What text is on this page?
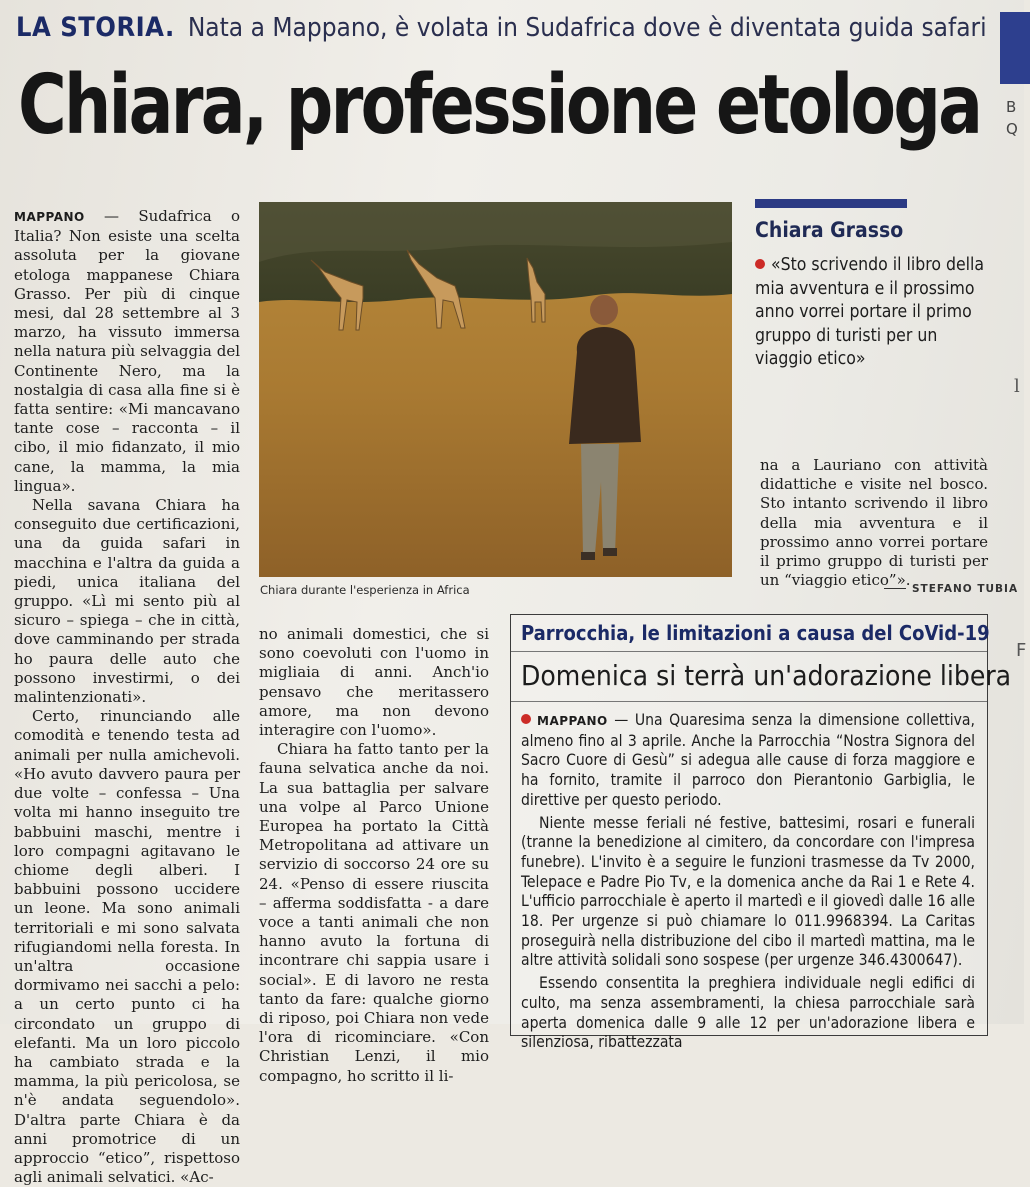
LA STORIA. Nata a Mappano, è volata in Sudafrica dove è diventata guida safari
Chiara, professione etologa B
Q
l
F

MAPPANO — Sudafrica o Italia? Non esiste una scelta assoluta per la giovane etologa mappanese Chiara Grasso. Per più di cinque mesi, dal 28 settembre al 3 marzo, ha vissuto immersa nella natura più selvaggia del Continente Nero, ma la nostalgia di casa alla fine si è fatta sentire: «Mi mancavano tante cose – racconta – il cibo, il mio fidanzato, il mio cane, la mamma, la mia lingua».

Nella savana Chiara ha conseguito due certificazioni, una da guida safari in macchina e l'altra da guida a piedi, unica italiana del gruppo. «Lì mi sento più al sicuro – spiega – che in città, dove camminando per strada ho paura delle auto che possono investirmi, o dei malintenzionati».

Certo, rinunciando alle comodità e tenendo testa ad animali per nulla amichevoli. «Ho avuto davvero paura per due volte – confessa – Una volta mi hanno inseguito tre babbuini maschi, mentre i loro compagni agitavano le chiome degli alberi. I babbuini possono uccidere un leone. Ma sono animali territoriali e mi sono salvata rifugiandomi nella foresta. In un'altra occasione dormivamo nei sacchi a pelo: a un certo punto ci ha circondato un gruppo di elefanti. Ma un loro piccolo ha cambiato strada e la mamma, la più pericolosa, se n'è andata seguendolo». D'altra parte Chiara è da anni promotrice di un approccio “etico”, rispettoso agli animali selvatici. «Ac-

Chiara durante l'esperienza in Africa
Chiara Grasso
«Sto scrivendo il libro della mia avventura e il prossimo anno vorrei portare il primo gruppo di turisti per un viaggio etico»

na a Lauriano con attività didattiche e visite nel bosco. Sto intanto scrivendo il libro della mia avventura e il prossimo anno vorrei portare il primo gruppo di turisti per un “viaggio etico”». STEFANO TUBIA

no animali domestici, che si sono coevoluti con l'uomo in migliaia di anni. Anch'io pensavo che meritassero amore, ma non devono interagire con l'uomo».

Chiara ha fatto tanto per la fauna selvatica anche da noi. La sua battaglia per salvare una volpe al Parco Unione Europea ha portato la Città Metropolitana ad attivare un servizio di soccorso 24 ore su 24. «Penso di essere riuscita – afferma soddisfatta - a dare voce a tanti animali che non hanno avuto la fortuna di incontrare chi sappia usare i social». E di lavoro ne resta tanto da fare: qualche giorno di riposo, poi Chiara non vede l'ora di ricominciare. «Con Christian Lenzi, il mio compagno, ho scritto il li-

Parrocchia, le limitazioni a causa del CoVid-19
Domenica si terrà un'adorazione libera

MAPPANO — Una Quaresima senza la dimensione collettiva, almeno fino al 3 aprile. Anche la Parrocchia “Nostra Signora del Sacro Cuore di Gesù” si adegua alle cause di forza maggiore e ha fornito, tramite il parroco don Pierantonio Garbiglia, le direttive per questo periodo.

Niente messe feriali né festive, battesimi, rosari e funerali (tranne la benedizione al cimitero, da concordare con l'impresa funebre). L'invito è a seguire le funzioni trasmesse da Tv 2000, Telepace e Padre Pio Tv, e la domenica anche da Rai 1 e Rete 4. L'ufficio parrocchiale è aperto il martedì e il giovedì dalle 16 alle 18. Per urgenze si può chiamare lo 011.9968394. La Caritas proseguirà nella distribuzione del cibo il martedì mattina, ma le altre attività solidali sono sospese (per urgenze 346.4300647).

Essendo consentita la preghiera individuale negli edifici di culto, ma senza assembramenti, la chiesa parrocchiale sarà aperta domenica dalle 9 alle 12 per un'adorazione libera e silenziosa, ribattezzata
